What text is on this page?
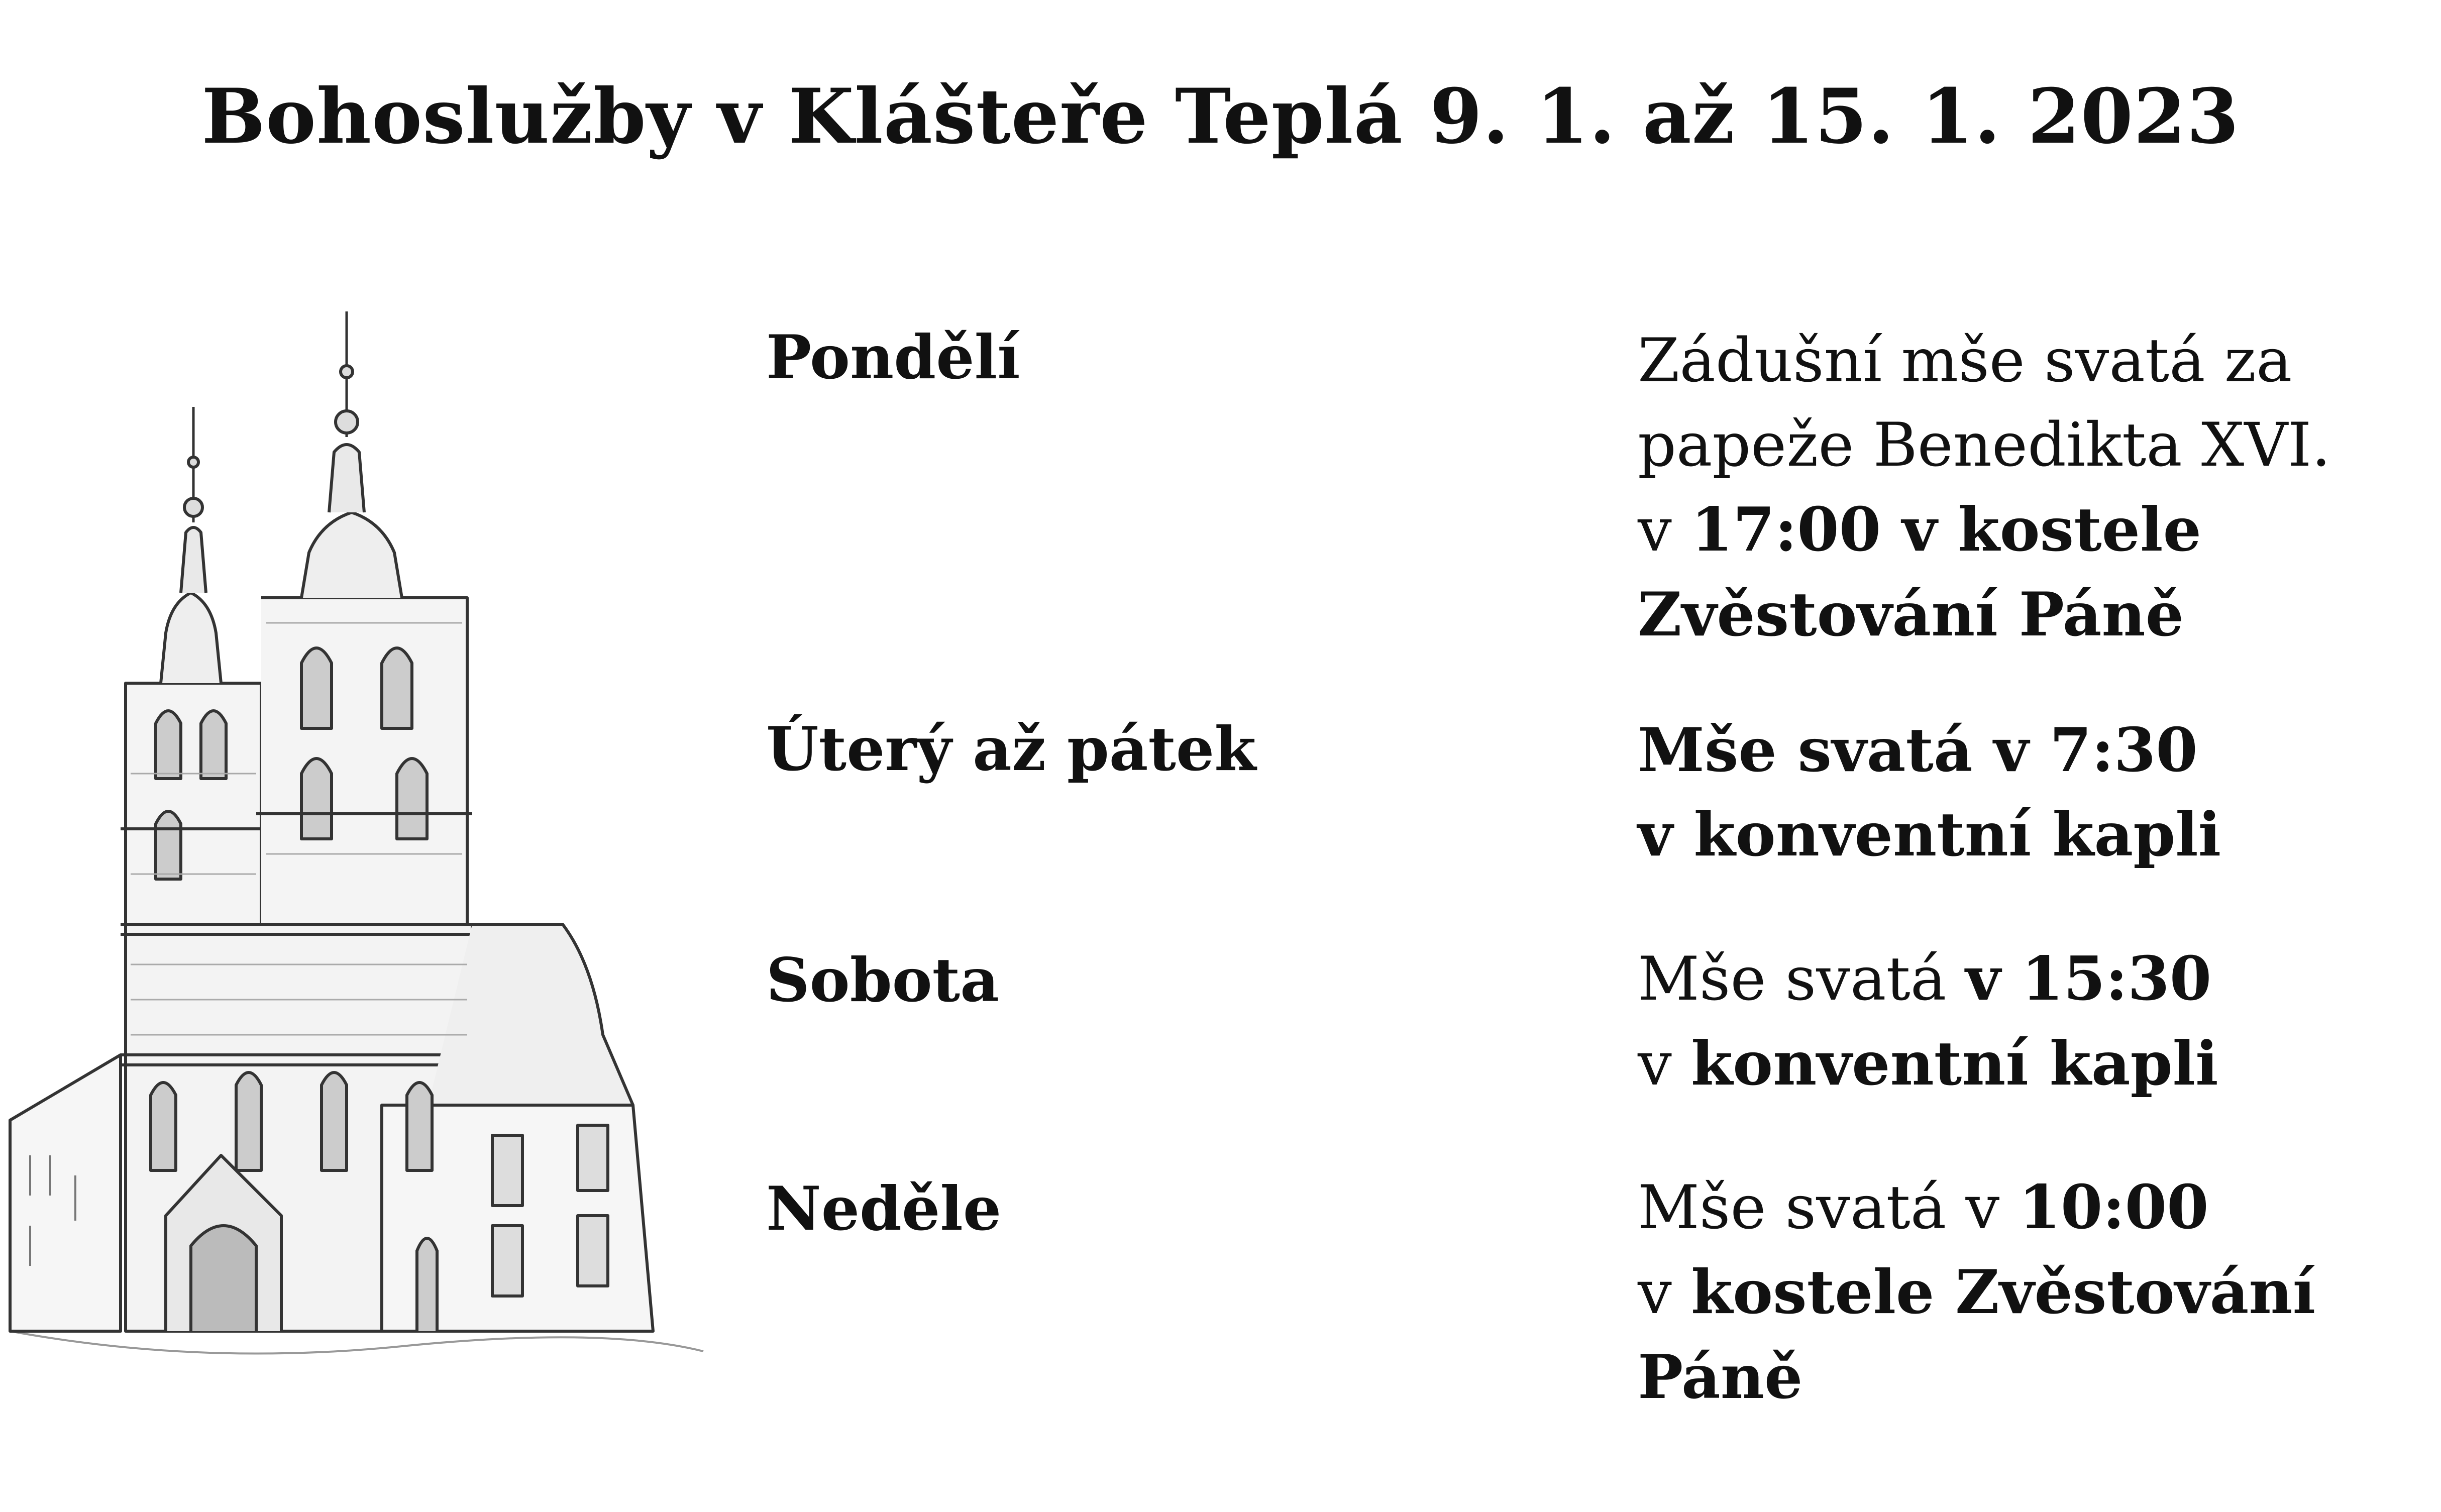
Bohoslužby v Klášteře Teplá 9. 1. až 15. 1. 2023
Pondělí	Zádušní mše svatá za
papeže Benedikta XVI.
v 17:00 v kostele
Zvěstování Páně
Úterý až pátek	Mše svatá v 7:30
v konventní kapli
Sobota	Mše svatá v 15:30
v konventní kapli
Neděle	Mše svatá v 10:00
v kostele Zvěstování
Páně
